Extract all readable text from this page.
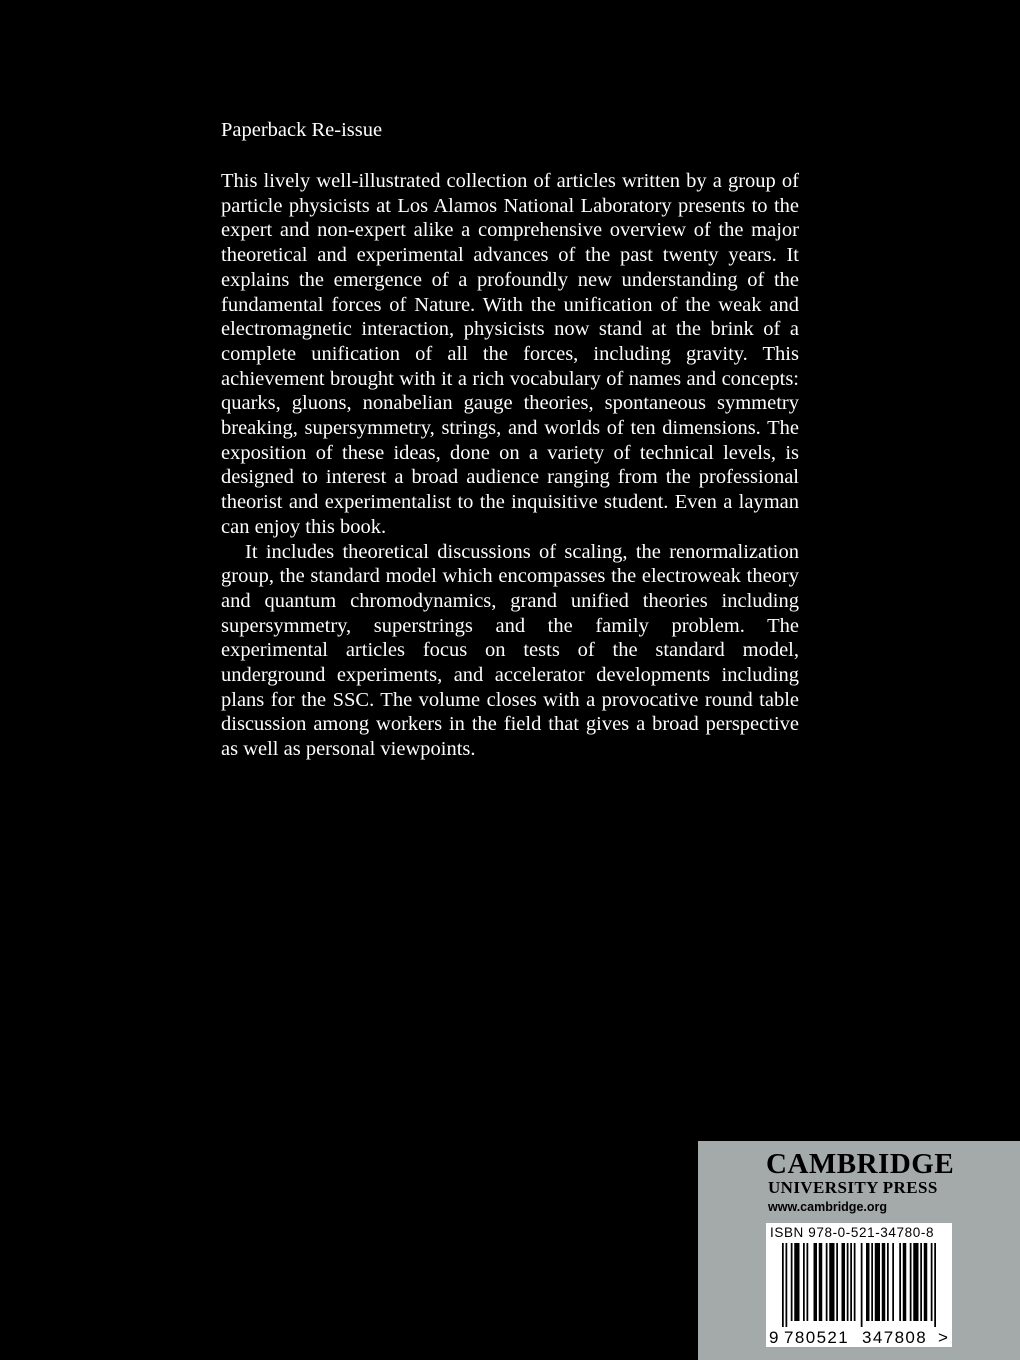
Paperback Re-issue

This lively well-illustrated collection of articles written by a group of particle physicists at Los Alamos National Laboratory presents to the expert and non-expert alike a comprehensive overview of the major theoretical and experimental advances of the past twenty years. It explains the emergence of a profoundly new understanding of the fundamental forces of Nature. With the unification of the weak and electromagnetic interaction, physicists now stand at the brink of a complete unification of all the forces, including gravity. This achievement brought with it a rich vocabulary of names and concepts: quarks, gluons, nonabelian gauge theories, spontaneous symmetry breaking, supersymmetry, strings, and worlds of ten dimensions. The exposition of these ideas, done on a variety of technical levels, is designed to interest a broad audience ranging from the professional theorist and experimentalist to the inquisitive student. Even a layman can enjoy this book.

It includes theoretical discussions of scaling, the renormalization group, the standard model which encompasses the electroweak theory and quantum chromodynamics, grand unified theories including supersymmetry, superstrings and the family problem. The experimental articles focus on tests of the standard model, underground experiments, and accelerator developments including plans for the SSC. The volume closes with a provocative round table discussion among workers in the field that gives a broad perspective as well as personal viewpoints.

CAMBRIDGE
UNIVERSITY PRESS
www.cambridge.org
ISBN 978-0-521-34780-8
9 780521 347808 >
